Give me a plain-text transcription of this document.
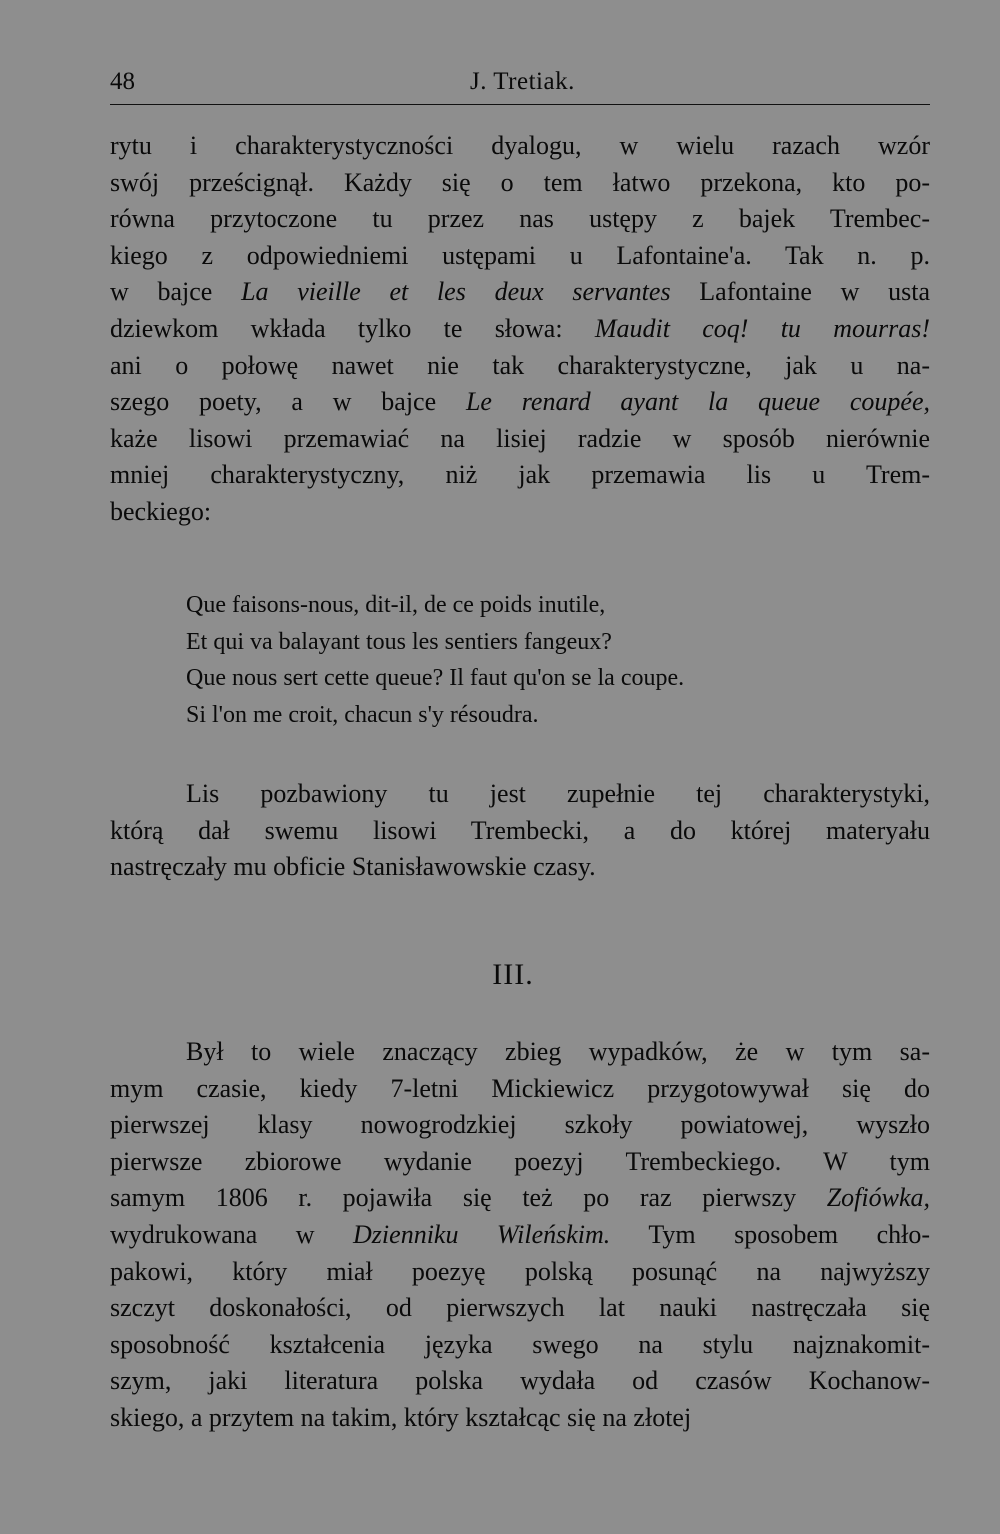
48	J. Tretiak.
rytu i charakterystyczności dyalogu, w wielu razach wzór
swój prześcignął. Każdy się o tem łatwo przekona, kto po-
równa przytoczone tu przez nas ustępy z bajek Trembec-
kiego z odpowiedniemi ustępami u Lafontaine'a. Tak n. p.
w bajce La vieille et les deux servantes Lafontaine w usta
dziewkom wkłada tylko te słowa: Maudit coq! tu mourras!
ani o połowę nawet nie tak charakterystyczne, jak u na-
szego poety, a w bajce Le renard ayant la queue coupée,
każe lisowi przemawiać na lisiej radzie w sposób nierównie
mniej charakterystyczny, niż jak przemawia lis u Trem-
beckiego:
Que faisons-nous, dit-il, de ce poids inutile,
Et qui va balayant tous les sentiers fangeux?
Que nous sert cette queue? Il faut qu'on se la coupe.
Si l'on me croit, chacun s'y résoudra.
Lis pozbawiony tu jest zupełnie tej charakterystyki,
którą dał swemu lisowi Trembecki, a do której materyału
nastręczały mu obficie Stanisławowskie czasy.
III.
Był to wiele znaczący zbieg wypadków, że w tym sa-
mym czasie, kiedy 7-letni Mickiewicz przygotowywał się do
pierwszej klasy nowogrodzkiej szkoły powiatowej, wyszło
pierwsze zbiorowe wydanie poezyj Trembeckiego. W tym
samym 1806 r. pojawiła się też po raz pierwszy Zofiówka,
wydrukowana w Dzienniku Wileńskim. Tym sposobem chło-
pakowi, który miał poezyę polską posunąć na najwyższy
szczyt doskonałości, od pierwszych lat nauki nastręczała się
sposobność kształcenia języka swego na stylu najznakomit-
szym, jaki literatura polska wydała od czasów Kochanow-
skiego, a przytem na takim, który kształcąc się na złotej
